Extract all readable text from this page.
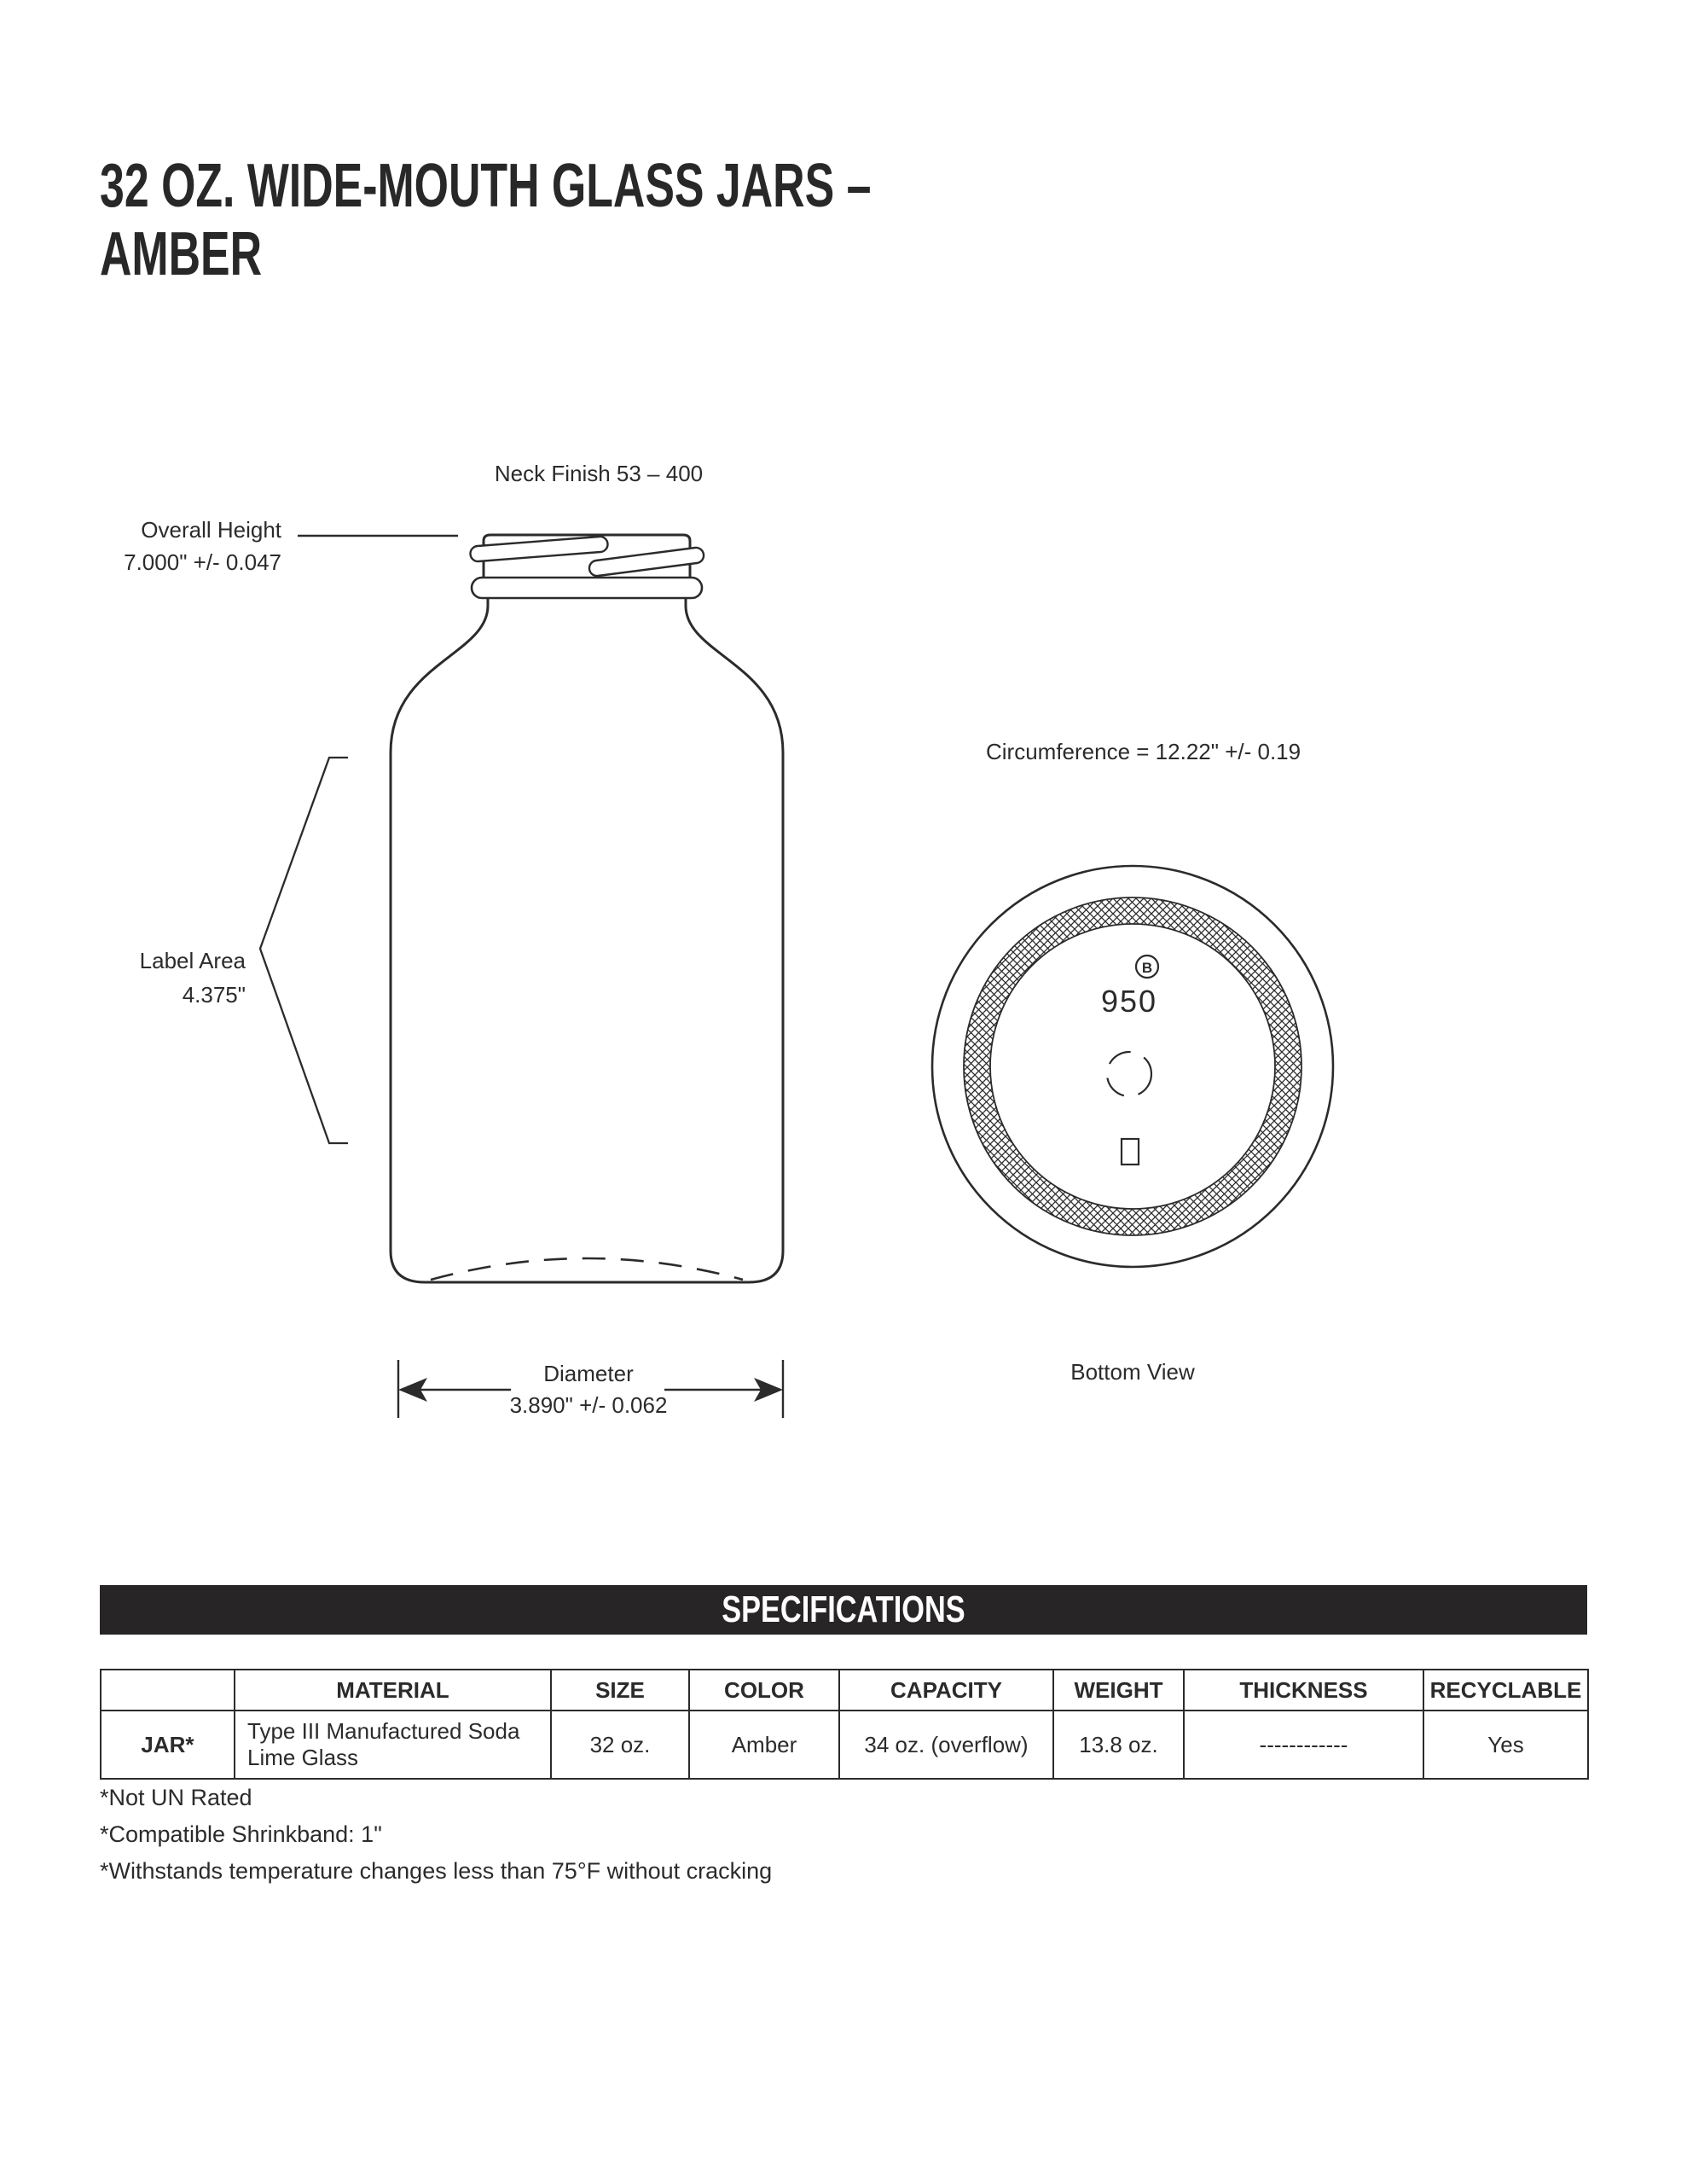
32 OZ. WIDE-MOUTH GLASS JARS –
AMBER
B
950
Neck Finish 53 – 400
Overall Height
7.000" +/- 0.047
Circumference = 12.22" +/- 0.19
Label Area
4.375"
Diameter
3.890" +/- 0.062
Bottom View
SPECIFICATIONS
	MATERIAL	SIZE	COLOR	CAPACITY	WEIGHT	THICKNESS	RECYCLABLE
JAR*	Type III Manufactured Soda Lime Glass	32 oz.	Amber	34 oz. (overflow)	13.8 oz.	------------	Yes
*Not UN Rated
*Compatible Shrinkband: 1"
*Withstands temperature changes less than 75°F without cracking
